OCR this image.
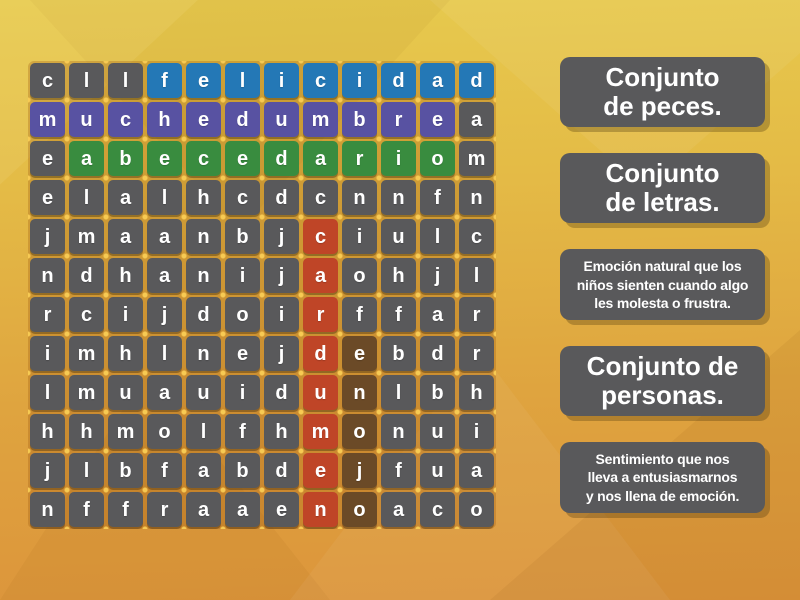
c l l f e l i c i d a d
m u c h e d u m b r e a
e a b e c e d a r i o m
e l a l h c d c n n f n
j m a a n b j c i u l c
n d h a n i j a o h j l
r c i j d o i r f f a r
i m h l n e j d e b d r
l m u a u i d u n l b h
h h m o l f h m o n u i
j l b f a b d e j f u a
n f f r a a e n o a c o
Conjunto
de peces.
Conjunto
de letras.
Emoción natural que los
niños sienten cuando algo
les molesta o frustra.
Conjunto de
personas.
Sentimiento que nos
lleva a entusiasmarnos
y nos llena de emoción.
